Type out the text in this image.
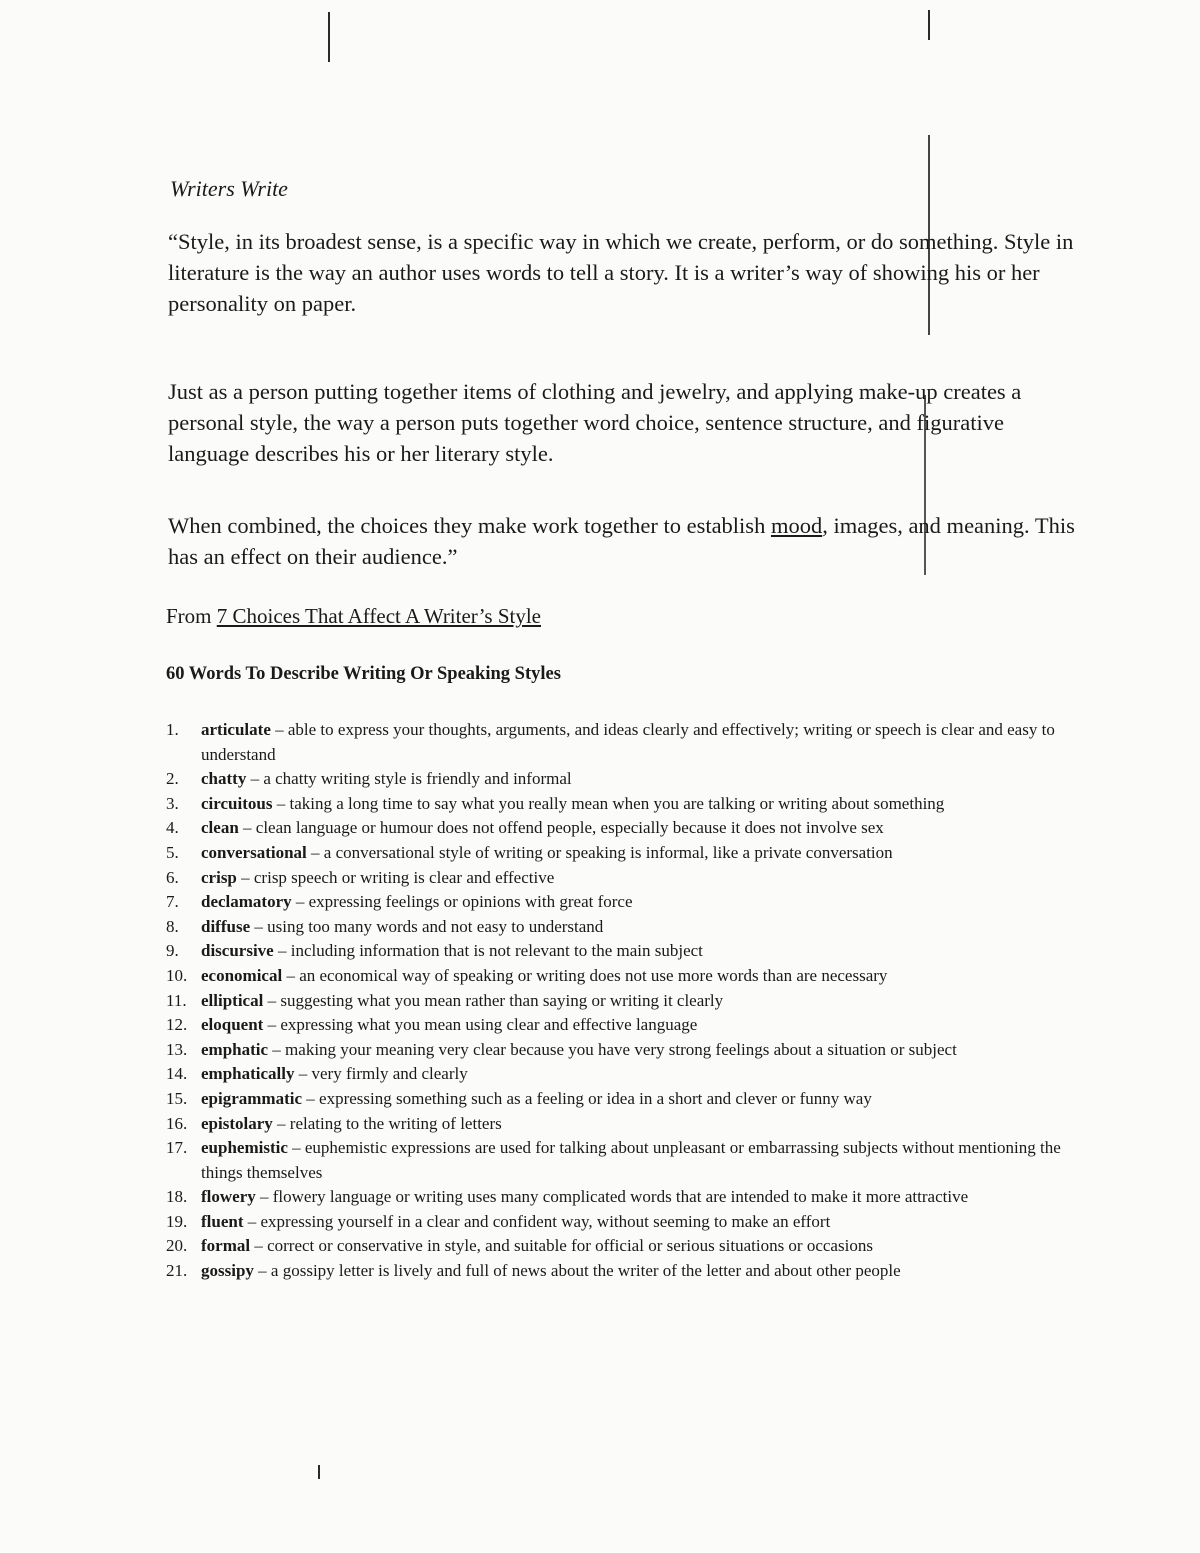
Writers Write

“Style, in its broadest sense, is a specific way in which we create, perform, or do something. Style in literature is the way an author uses words to tell a story. It is a writer’s way of showing his or her personality on paper.

Just as a person putting together items of clothing and jewelry, and applying make-up creates a personal style, the way a person puts together word choice, sentence structure, and figurative language describes his or her literary style.

When combined, the choices they make work together to establish mood, images, and meaning. This has an effect on their audience.”

From 7 Choices That Affect A Writer’s Style
60 Words To Describe Writing Or Speaking Styles
1. articulate – able to express your thoughts, arguments, and ideas clearly and effectively; writing or speech is clear and easy to understand
2. chatty – a chatty writing style is friendly and informal
3. circuitous – taking a long time to say what you really mean when you are talking or writing about something
4. clean – clean language or humour does not offend people, especially because it does not involve sex
5. conversational – a conversational style of writing or speaking is informal, like a private conversation
6. crisp – crisp speech or writing is clear and effective
7. declamatory – expressing feelings or opinions with great force
8. diffuse – using too many words and not easy to understand
9. discursive – including information that is not relevant to the main subject
10. economical – an economical way of speaking or writing does not use more words than are necessary
11. elliptical – suggesting what you mean rather than saying or writing it clearly
12. eloquent – expressing what you mean using clear and effective language
13. emphatic – making your meaning very clear because you have very strong feelings about a situation or subject
14. emphatically – very firmly and clearly
15. epigrammatic – expressing something such as a feeling or idea in a short and clever or funny way
16. epistolary – relating to the writing of letters
17. euphemistic – euphemistic expressions are used for talking about unpleasant or embarrassing subjects without mentioning the things themselves
18. flowery – flowery language or writing uses many complicated words that are intended to make it more attractive
19. fluent – expressing yourself in a clear and confident way, without seeming to make an effort
20. formal – correct or conservative in style, and suitable for official or serious situations or occasions
21. gossipy – a gossipy letter is lively and full of news about the writer of the letter and about other people
